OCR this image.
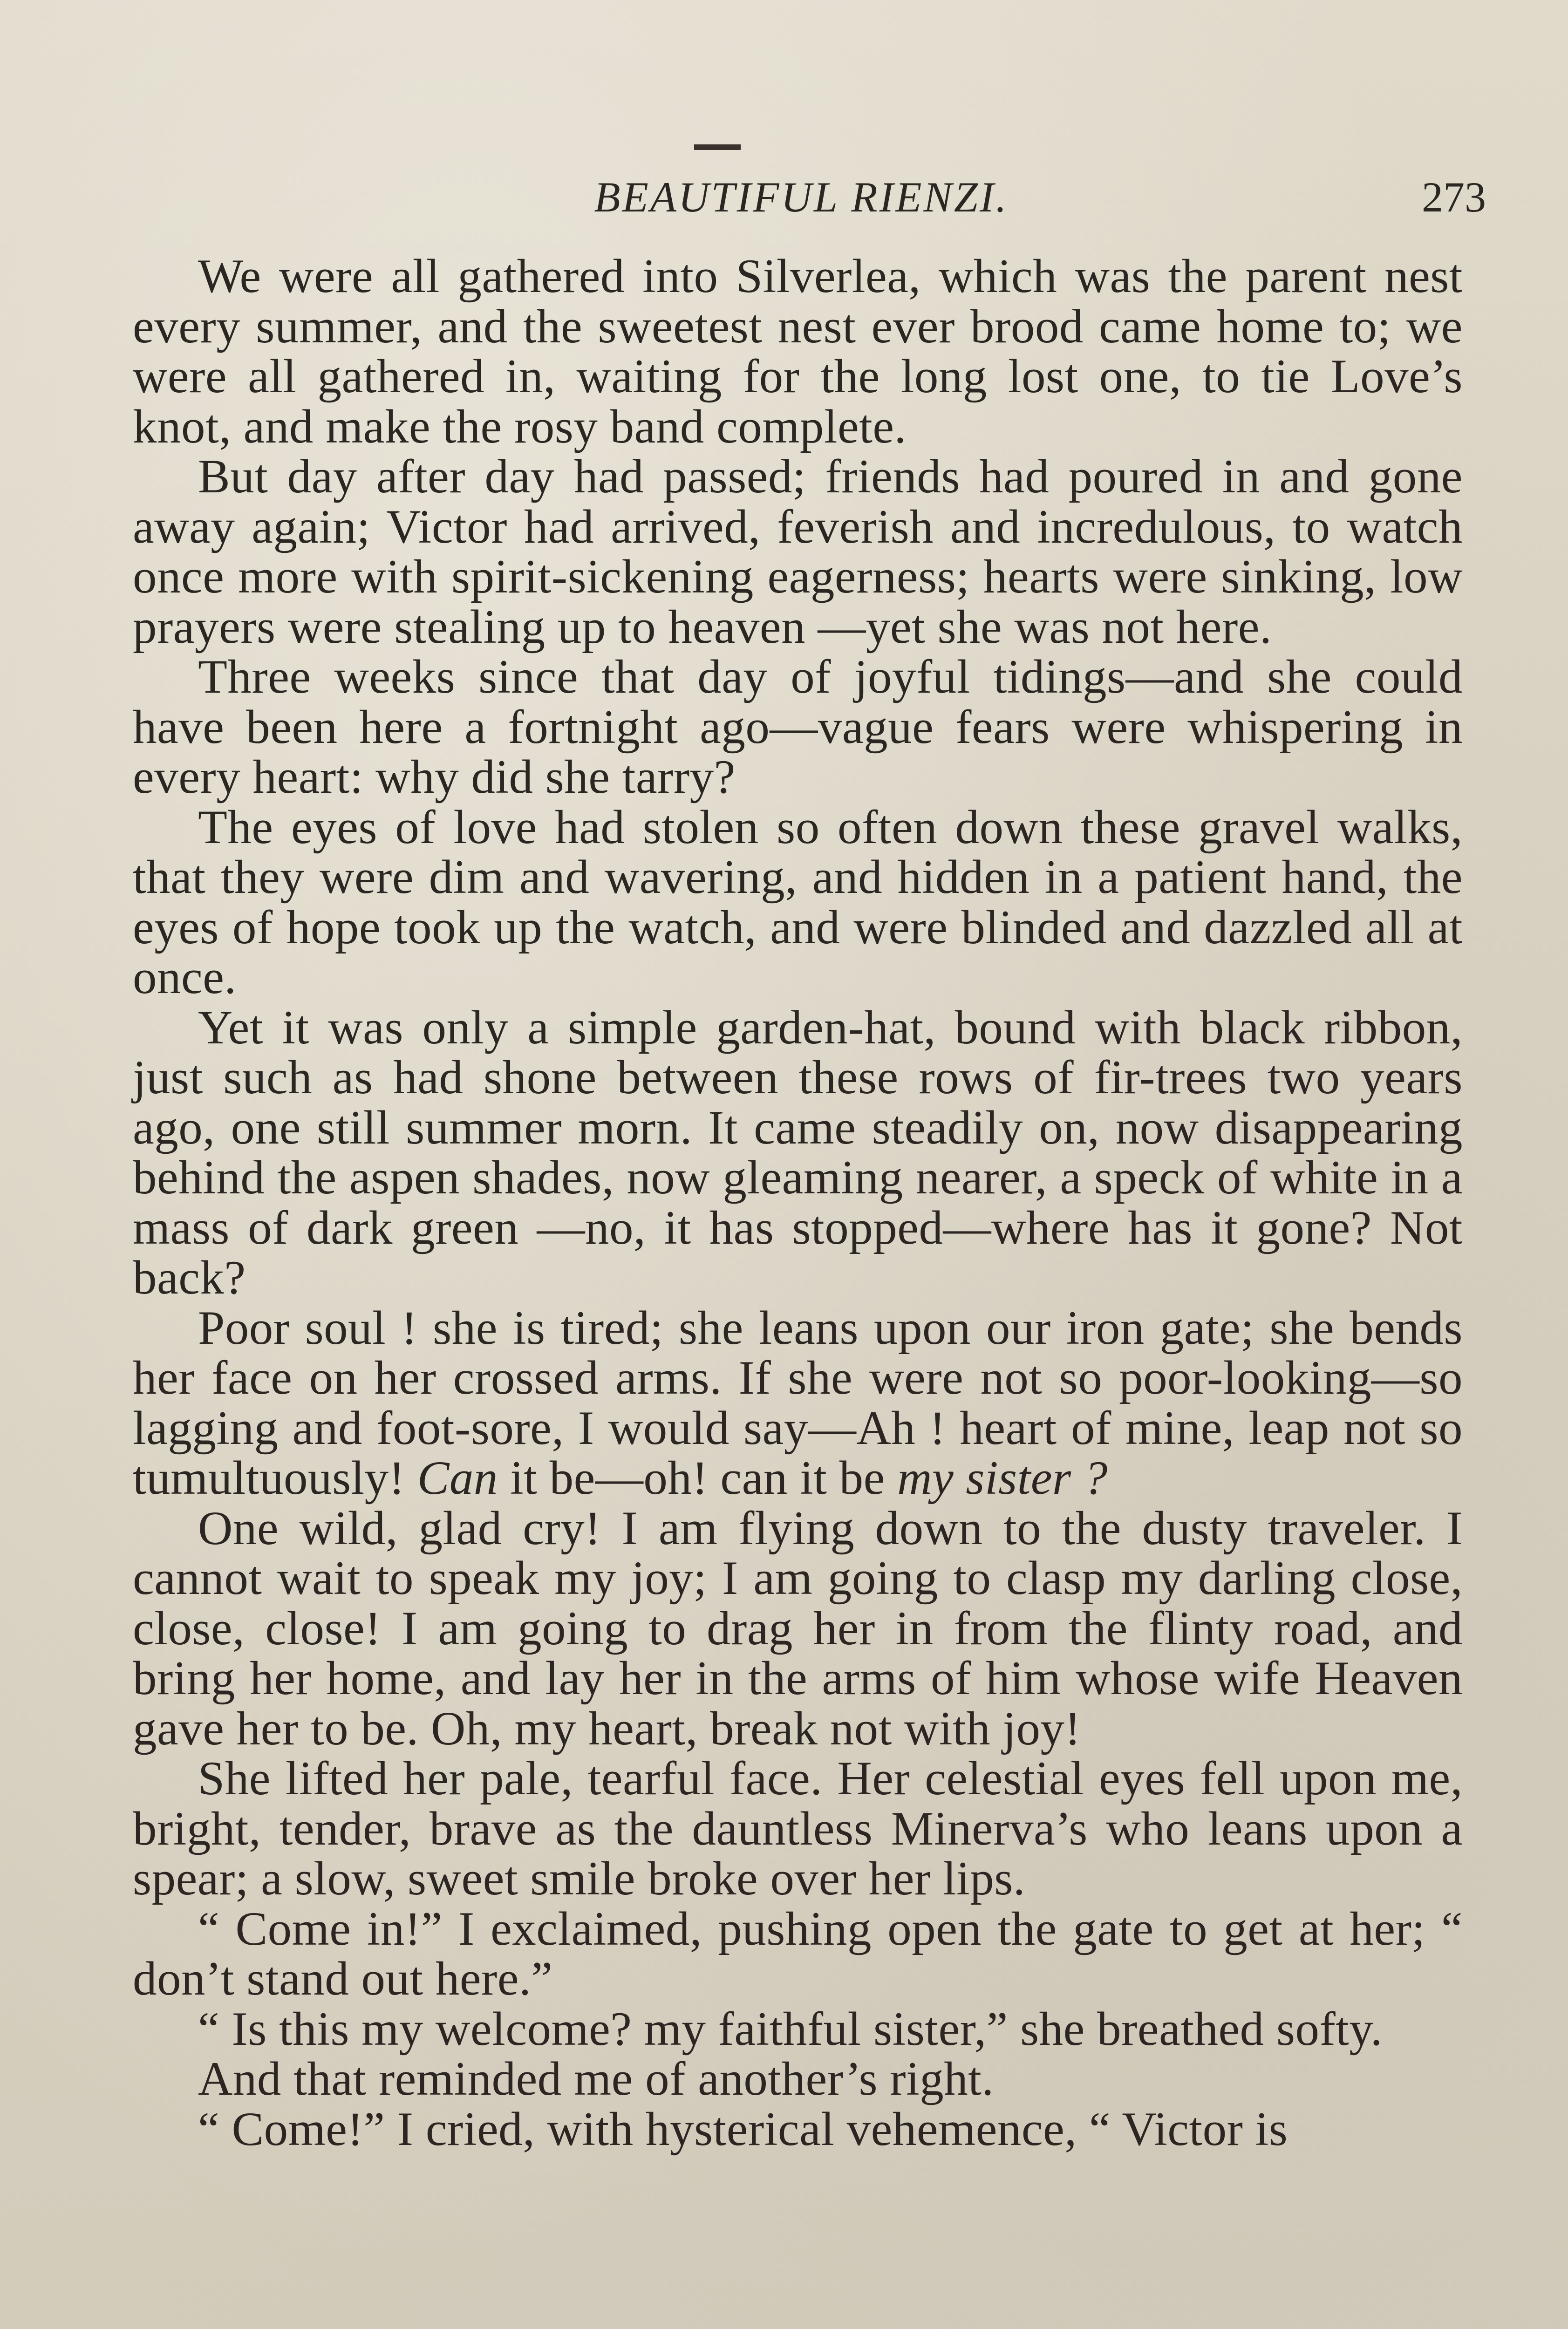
BEAUTIFUL RIENZI.	273

We were all gathered into Silverlea, which was the parent nest every summer, and the sweetest nest ever brood came home to; we were all gathered in, waiting for the long lost one, to tie Love’s knot, and make the rosy band complete.

But day after day had passed; friends had poured in and gone away again; Victor had arrived, feverish and incredulous, to watch once more with spirit-sickening eagerness; hearts were sinking, low prayers were stealing up to heaven —yet she was not here.

Three weeks since that day of joyful tidings—and she could have been here a fortnight ago—vague fears were whispering in every heart: why did she tarry?

The eyes of love had stolen so often down these gravel walks, that they were dim and wavering, and hidden in a patient hand, the eyes of hope took up the watch, and were blinded and dazzled all at once.

Yet it was only a simple garden-hat, bound with black ribbon, just such as had shone between these rows of fir-trees two years ago, one still summer morn. It came steadily on, now disappearing behind the aspen shades, now gleaming nearer, a speck of white in a mass of dark green —no, it has stopped—where has it gone? Not back?

Poor soul ! she is tired; she leans upon our iron gate; she bends her face on her crossed arms. If she were not so poor-looking—so lagging and foot-sore, I would say—Ah ! heart of mine, leap not so tumultuously! Can it be—oh! can it be my sister ?

One wild, glad cry! I am flying down to the dusty traveler. I cannot wait to speak my joy; I am going to clasp my darling close, close, close! I am going to drag her in from the flinty road, and bring her home, and lay her in the arms of him whose wife Heaven gave her to be. Oh, my heart, break not with joy!

She lifted her pale, tearful face. Her celestial eyes fell upon me, bright, tender, brave as the dauntless Minerva’s who leans upon a spear; a slow, sweet smile broke over her lips.

“ Come in!” I exclaimed, pushing open the gate to get at her; “ don’t stand out here.”

“ Is this my welcome? my faithful sister,” she breathed softy.

And that reminded me of another’s right.

“ Come!” I cried, with hysterical vehemence, “ Victor is
